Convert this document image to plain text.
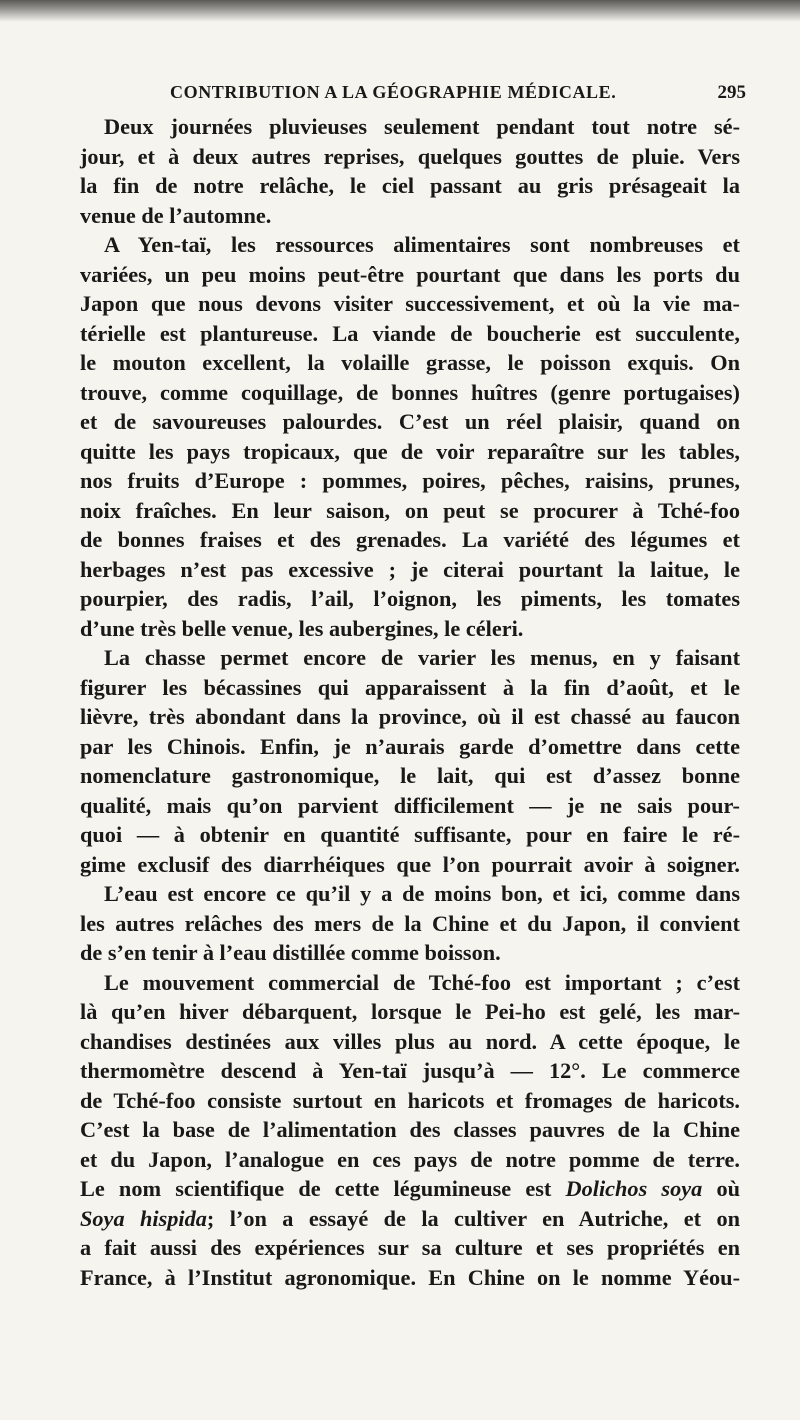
CONTRIBUTION A LA GÉOGRAPHIE MÉDICALE.	295
Deux journées pluvieuses seulement pendant tout notre sé-
jour, et à deux autres reprises, quelques gouttes de pluie. Vers
la fin de notre relâche, le ciel passant au gris présageait la
venue de l’automne.
A Yen-taï, les ressources alimentaires sont nombreuses et
variées, un peu moins peut-être pourtant que dans les ports du
Japon que nous devons visiter successivement, et où la vie ma-
térielle est plantureuse. La viande de boucherie est succulente,
le mouton excellent, la volaille grasse, le poisson exquis. On
trouve, comme coquillage, de bonnes huîtres (genre portugaises)
et de savoureuses palourdes. C’est un réel plaisir, quand on
quitte les pays tropicaux, que de voir reparaître sur les tables,
nos fruits d’Europe : pommes, poires, pêches, raisins, prunes,
noix fraîches. En leur saison, on peut se procurer à Tché-foo
de bonnes fraises et des grenades. La variété des légumes et
herbages n’est pas excessive ; je citerai pourtant la laitue, le
pourpier, des radis, l’ail, l’oignon, les piments, les tomates
d’une très belle venue, les aubergines, le céleri.
La chasse permet encore de varier les menus, en y faisant
figurer les bécassines qui apparaissent à la fin d’août, et le
lièvre, très abondant dans la province, où il est chassé au faucon
par les Chinois. Enfin, je n’aurais garde d’omettre dans cette
nomenclature gastronomique, le lait, qui est d’assez bonne
qualité, mais qu’on parvient difficilement — je ne sais pour-
quoi — à obtenir en quantité suffisante, pour en faire le ré-
gime exclusif des diarrhéiques que l’on pourrait avoir à soigner.
L’eau est encore ce qu’il y a de moins bon, et ici, comme dans
les autres relâches des mers de la Chine et du Japon, il convient
de s’en tenir à l’eau distillée comme boisson.
Le mouvement commercial de Tché-foo est important ; c’est
là qu’en hiver débarquent, lorsque le Pei-ho est gelé, les mar-
chandises destinées aux villes plus au nord. A cette époque, le
thermomètre descend à Yen-taï jusqu’à — 12°. Le commerce
de Tché-foo consiste surtout en haricots et fromages de haricots.
C’est la base de l’alimentation des classes pauvres de la Chine
et du Japon, l’analogue en ces pays de notre pomme de terre.
Le nom scientifique de cette légumineuse est Dolichos soya où
Soya hispida; l’on a essayé de la cultiver en Autriche, et on
a fait aussi des expériences sur sa culture et ses propriétés en
France, à l’Institut agronomique. En Chine on le nomme Yéou-
